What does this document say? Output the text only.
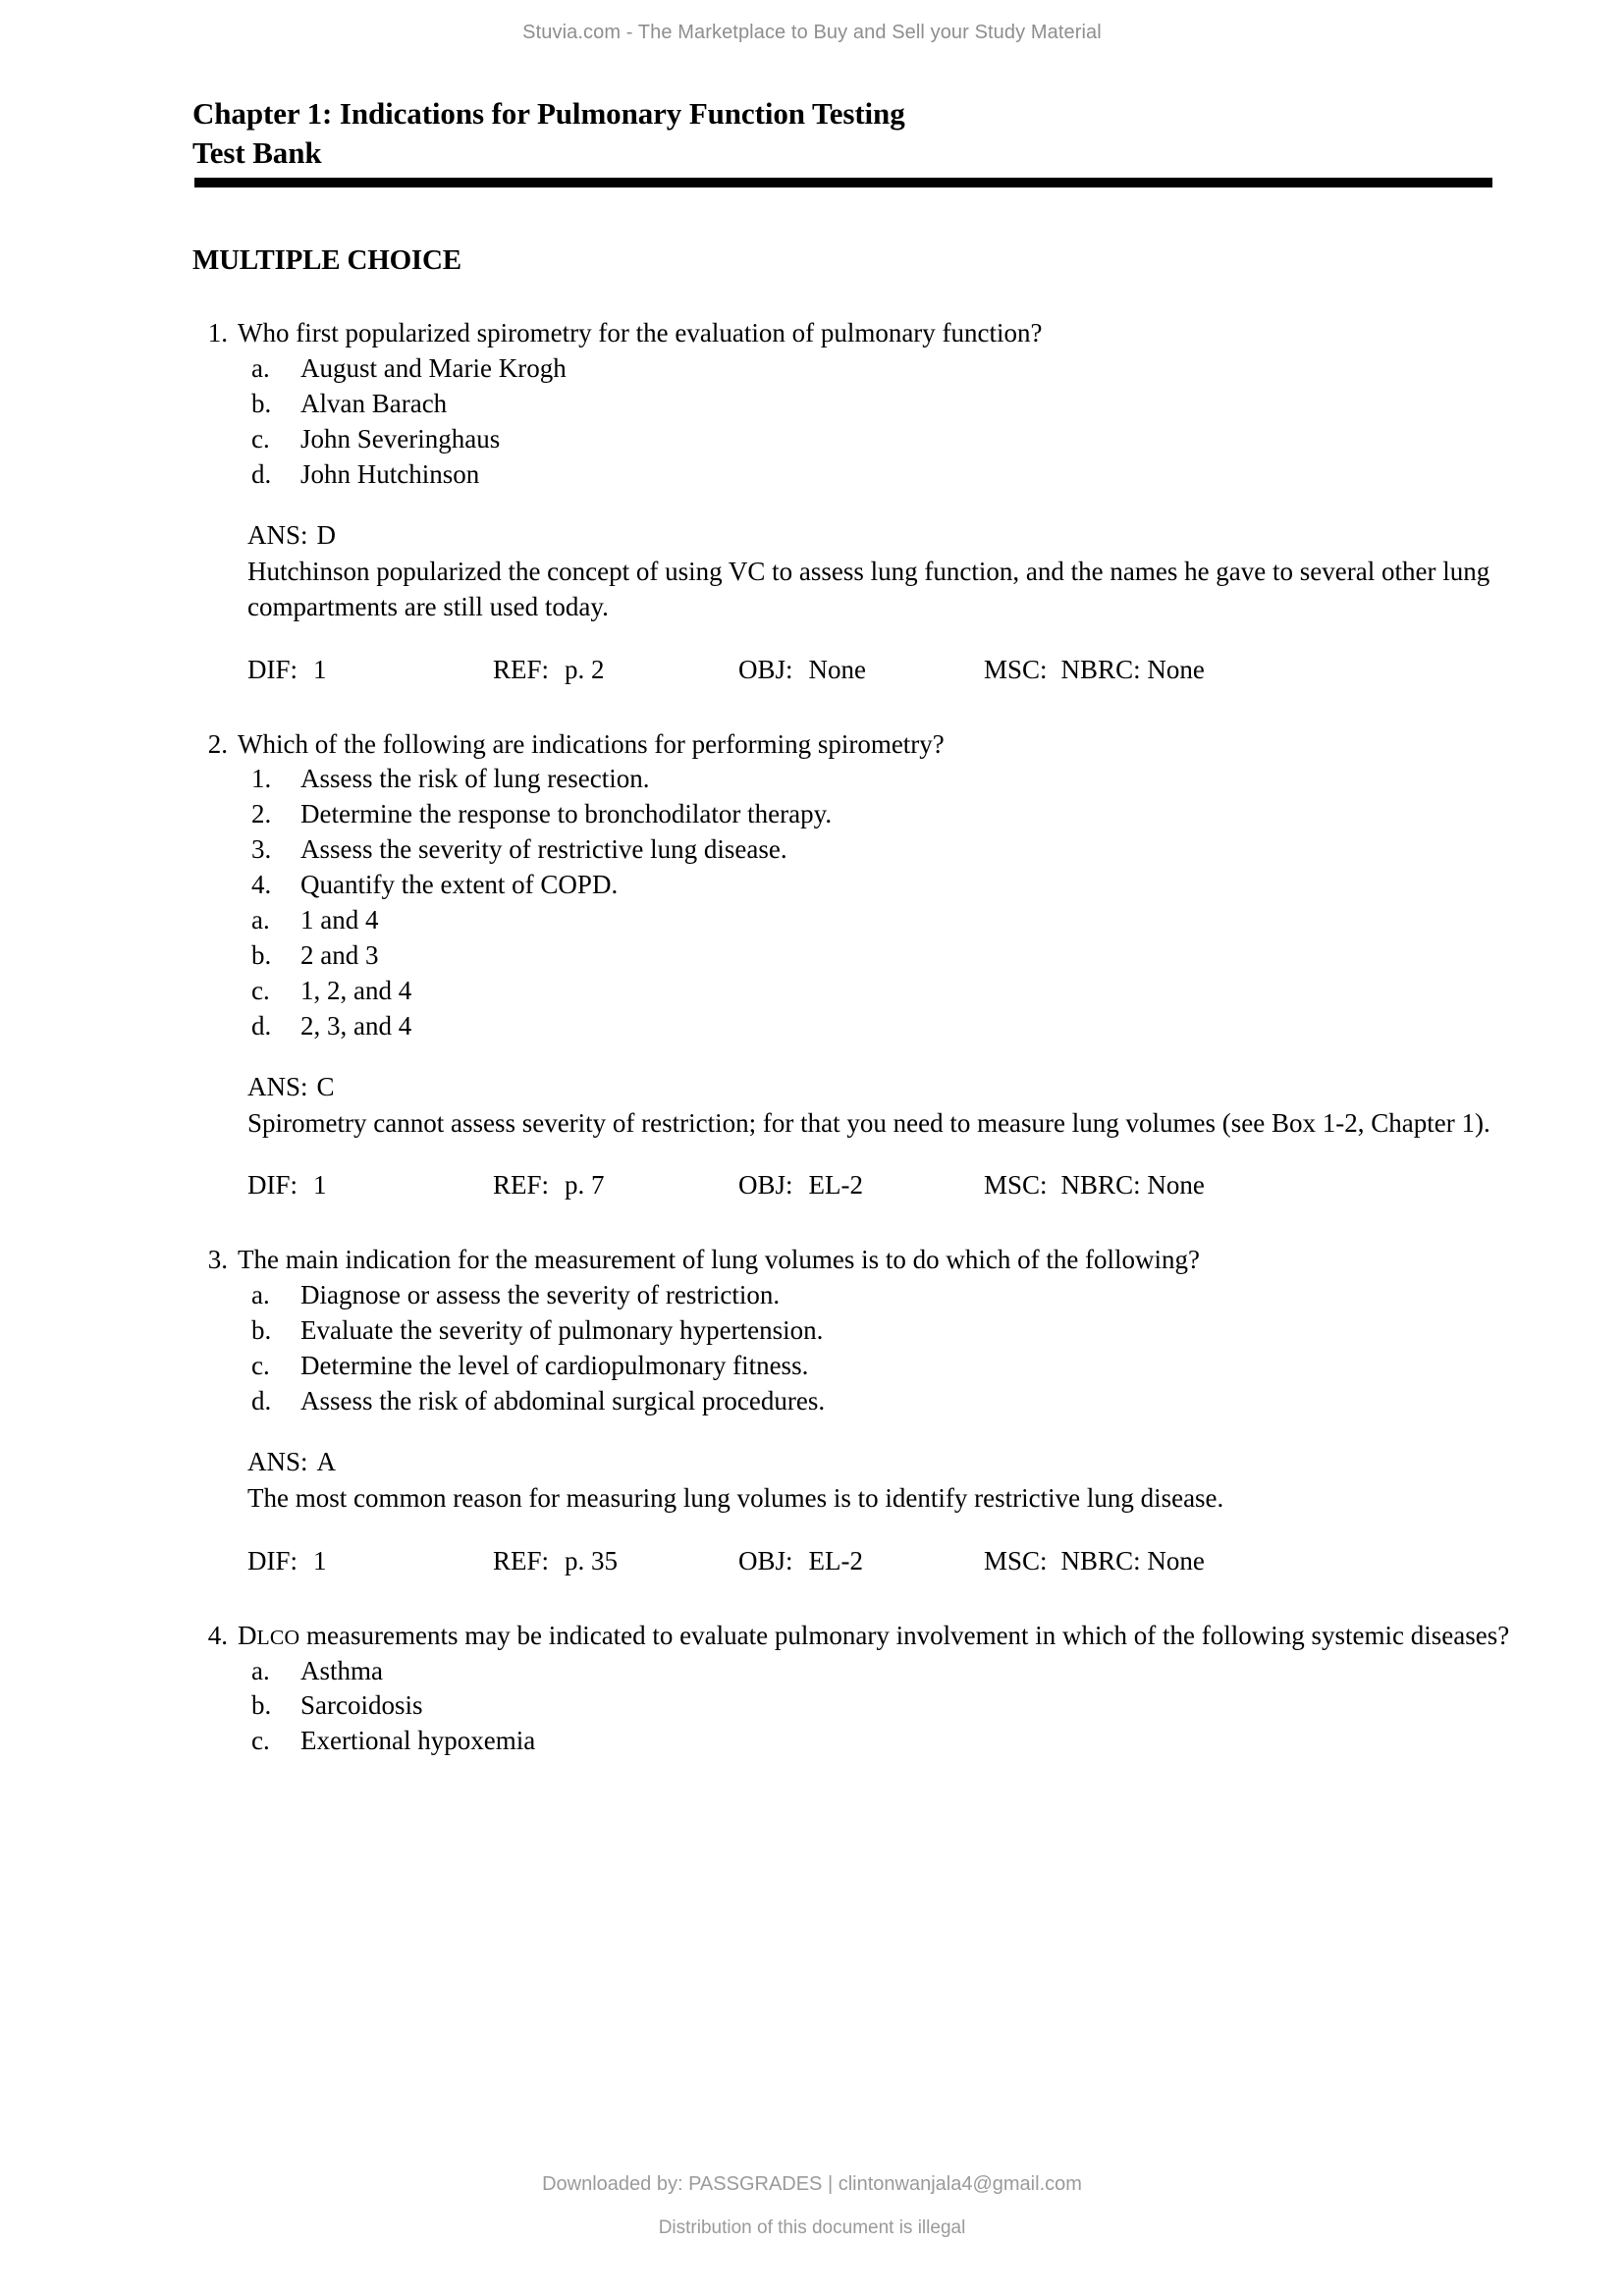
Stuvia.com - The Marketplace to Buy and Sell your Study Material
Chapter 1: Indications for Pulmonary Function Testing
Test Bank
MULTIPLE CHOICE
1. Who first popularized spirometry for the evaluation of pulmonary function?
a.	August and Marie Krogh
b.	Alvan Barach
c.	John Severinghaus
d.	John Hutchinson
ANS: D
Hutchinson popularized the concept of using VC to assess lung function, and the names he gave to several other lung compartments are still used today.
DIF: 1	REF: p. 2	OBJ: None	MSC: NBRC: None
2. Which of the following are indications for performing spirometry?
1.	Assess the risk of lung resection.
2.	Determine the response to bronchodilator therapy.
3.	Assess the severity of restrictive lung disease.
4.	Quantify the extent of COPD.
a.	1 and 4
b.	2 and 3
c.	1, 2, and 4
d.	2, 3, and 4
ANS: C
Spirometry cannot assess severity of restriction; for that you need to measure lung volumes (see Box 1-2, Chapter 1).
DIF: 1	REF: p. 7	OBJ: EL-2	MSC: NBRC: None
3. The main indication for the measurement of lung volumes is to do which of the following?
a.	Diagnose or assess the severity of restriction.
b.	Evaluate the severity of pulmonary hypertension.
c.	Determine the level of cardiopulmonary fitness.
d.	Assess the risk of abdominal surgical procedures.
ANS: A
The most common reason for measuring lung volumes is to identify restrictive lung disease.
DIF: 1	REF: p. 35	OBJ: EL-2	MSC: NBRC: None
4. DLCO measurements may be indicated to evaluate pulmonary involvement in which of the following systemic diseases?
a.	Asthma
b.	Sarcoidosis
c.	Exertional hypoxemia
Downloaded by: PASSGRADES | clintonwanjala4@gmail.com
Distribution of this document is illegal
